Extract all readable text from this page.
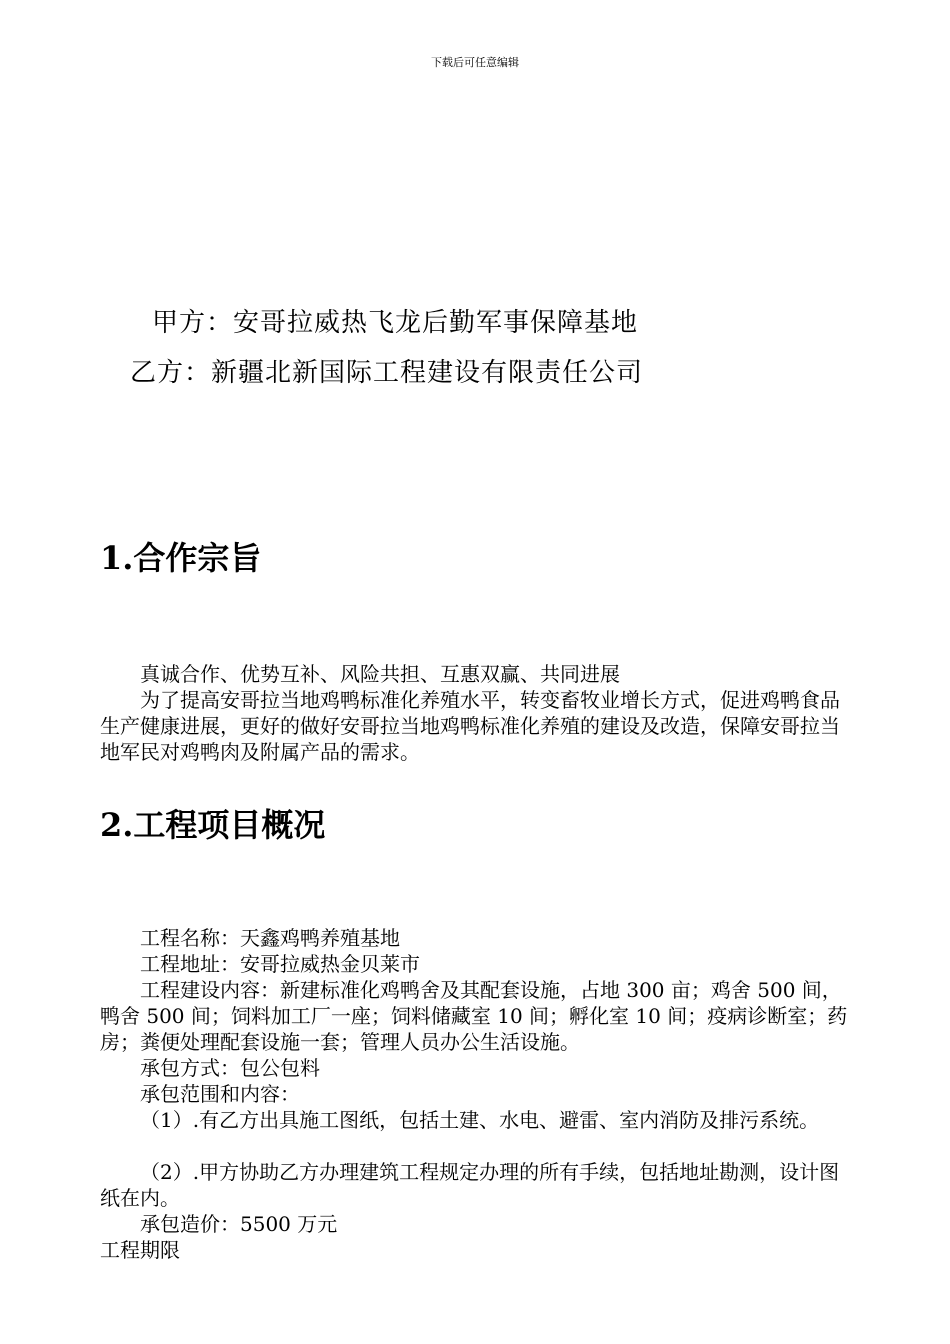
下载后可任意编辑
甲方：安哥拉威热飞龙后勤军事保障基地
乙方：新疆北新国际工程建设有限责任公司
1.合作宗旨
真诚合作、优势互补、风险共担、互惠双赢、共同进展
为了提高安哥拉当地鸡鸭标准化养殖水平，转变畜牧业增长方式，促进鸡鸭食品生产健康进展，更好的做好安哥拉当地鸡鸭标准化养殖的建设及改造，保障安哥拉当地军民对鸡鸭肉及附属产品的需求。
2.工程项目概况
工程名称：天鑫鸡鸭养殖基地
工程地址：安哥拉威热金贝莱市
工程建设内容：新建标准化鸡鸭舍及其配套设施，占地 300 亩；鸡舍 500 间，鸭舍 500 间；饲料加工厂一座；饲料储藏室 10 间；孵化室 10 间；疫病诊断室；药房；粪便处理配套设施一套；管理人员办公生活设施。
承包方式：包公包料
承包范围和内容：
（1）.有乙方出具施工图纸，包括土建、水电、避雷、室内消防及排污系统。
（2）.甲方协助乙方办理建筑工程规定办理的所有手续，包括地址勘测，设计图纸在内。
承包造价：5500 万元
工程期限
